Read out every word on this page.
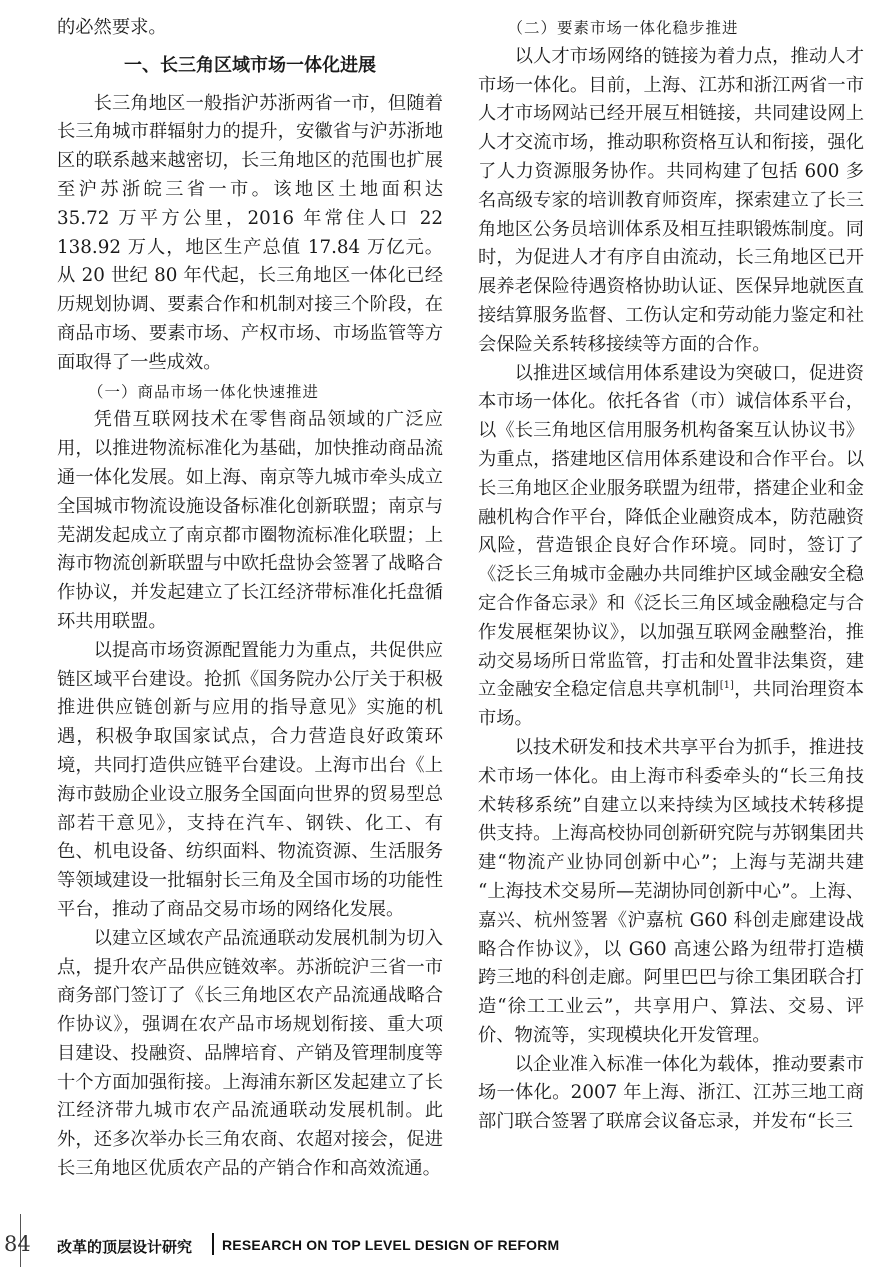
的必然要求。

一、长三角区域市场一体化进展

长三角地区一般指沪苏浙两省一市，但随着长三角城市群辐射力的提升，安徽省与沪苏浙地区的联系越来越密切，长三角地区的范围也扩展至沪苏浙皖三省一市。该地区土地面积达 35.72 万平方公里，2016 年常住人口 22 138.92 万人，地区生产总值 17.84 万亿元。从 20 世纪 80 年代起，长三角地区一体化已经历规划协调、要素合作和机制对接三个阶段，在商品市场、要素市场、产权市场、市场监管等方面取得了一些成效。

（一）商品市场一体化快速推进

凭借互联网技术在零售商品领域的广泛应用，以推进物流标准化为基础，加快推动商品流通一体化发展。如上海、南京等九城市牵头成立全国城市物流设施设备标准化创新联盟；南京与芜湖发起成立了南京都市圈物流标准化联盟；上海市物流创新联盟与中欧托盘协会签署了战略合作协议，并发起建立了长江经济带标准化托盘循环共用联盟。

以提高市场资源配置能力为重点，共促供应链区域平台建设。抢抓《国务院办公厅关于积极推进供应链创新与应用的指导意见》实施的机遇，积极争取国家试点，合力营造良好政策环境，共同打造供应链平台建设。上海市出台《上海市鼓励企业设立服务全国面向世界的贸易型总部若干意见》，支持在汽车、钢铁、化工、有色、机电设备、纺织面料、物流资源、生活服务等领域建设一批辐射长三角及全国市场的功能性平台，推动了商品交易市场的网络化发展。

以建立区域农产品流通联动发展机制为切入点，提升农产品供应链效率。苏浙皖沪三省一市商务部门签订了《长三角地区农产品流通战略合作协议》，强调在农产品市场规划衔接、重大项目建设、投融资、品牌培育、产销及管理制度等十个方面加强衔接。上海浦东新区发起建立了长江经济带九城市农产品流通联动发展机制。此外，还多次举办长三角农商、农超对接会，促进长三角地区优质农产品的产销合作和高效流通。

（二）要素市场一体化稳步推进

以人才市场网络的链接为着力点，推动人才市场一体化。目前，上海、江苏和浙江两省一市人才市场网站已经开展互相链接，共同建设网上人才交流市场，推动职称资格互认和衔接，强化了人力资源服务协作。共同构建了包括 600 多名高级专家的培训教育师资库，探索建立了长三角地区公务员培训体系及相互挂职锻炼制度。同时，为促进人才有序自由流动，长三角地区已开展养老保险待遇资格协助认证、医保异地就医直接结算服务监督、工伤认定和劳动能力鉴定和社会保险关系转移接续等方面的合作。

以推进区域信用体系建设为突破口，促进资本市场一体化。依托各省（市）诚信体系平台，以《长三角地区信用服务机构备案互认协议书》为重点，搭建地区信用体系建设和合作平台。以长三角地区企业服务联盟为纽带，搭建企业和金融机构合作平台，降低企业融资成本，防范融资风险，营造银企良好合作环境。同时，签订了《泛长三角城市金融办共同维护区域金融安全稳定合作备忘录》和《泛长三角区域金融稳定与合作发展框架协议》，以加强互联网金融整治，推动交易场所日常监管，打击和处置非法集资，建立金融安全稳定信息共享机制[1]，共同治理资本市场。

以技术研发和技术共享平台为抓手，推进技术市场一体化。由上海市科委牵头的“长三角技术转移系统”自建立以来持续为区域技术转移提供支持。上海高校协同创新研究院与苏钢集团共建“物流产业协同创新中心”；上海与芜湖共建 “上海技术交易所—芜湖协同创新中心”。上海、嘉兴、杭州签署《沪嘉杭 G60 科创走廊建设战略合作协议》，以 G60 高速公路为纽带打造横跨三地的科创走廊。阿里巴巴与徐工集团联合打造“徐工工业云”，共享用户、算法、交易、评价、物流等，实现模块化开发管理。

以企业准入标准一体化为载体，推动要素市场一体化。2007 年上海、浙江、江苏三地工商部门联合签署了联席会议备忘录，并发布“长三

84 改革的顶层设计研究 RESEARCH ON TOP LEVEL DESIGN OF REFORM
